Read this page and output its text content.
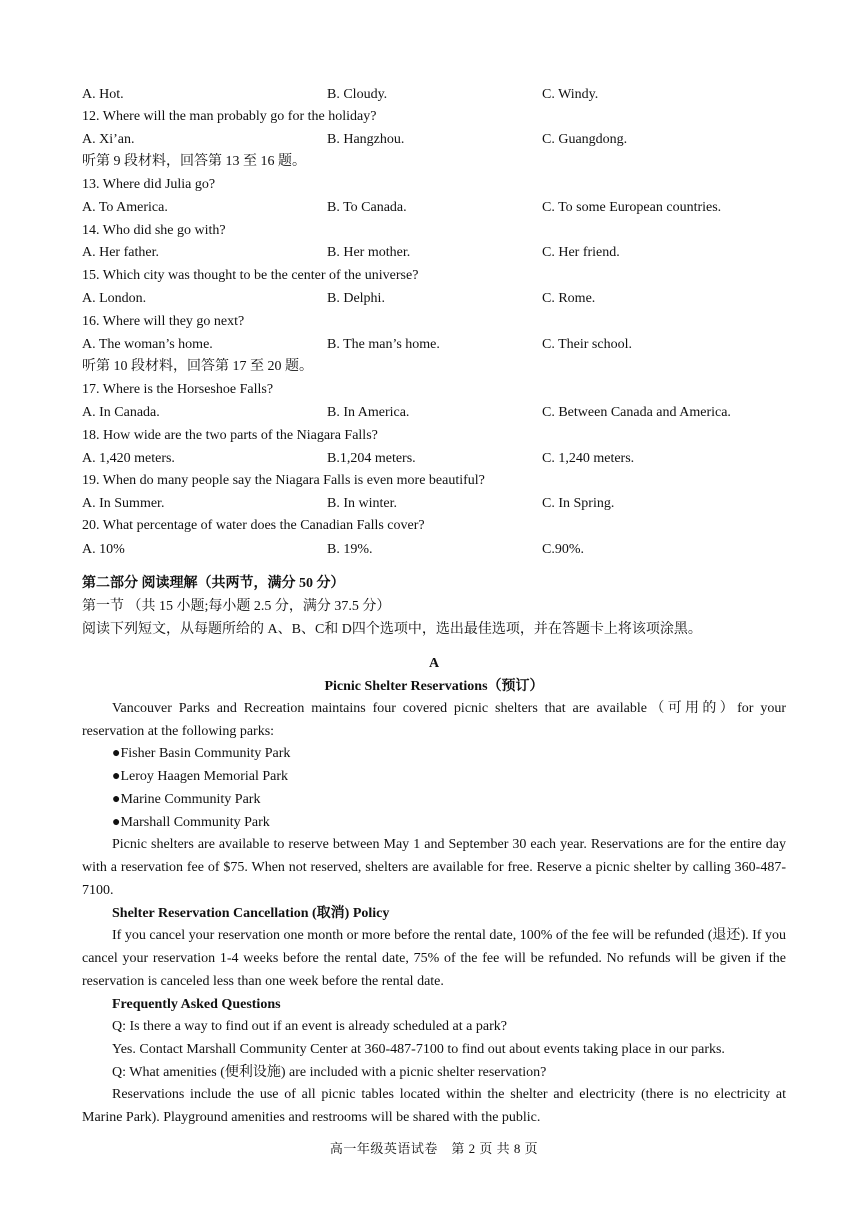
A. Hot.	B. Cloudy.	C. Windy.
12. Where will the man probably go for the holiday?
A. Xi’an.	B. Hangzhou.	C. Guangdong.
听第 9 段材料，回答第 13 至 16 题。
13. Where did Julia go?
A. To America.	B. To Canada.	C. To some European countries.
14. Who did she go with?
A. Her father.	B. Her mother.	C. Her friend.
15. Which city was thought to be the center of the universe?
A. London.	B. Delphi.	C. Rome.
16. Where will they go next?
A. The woman’s home.	B. The man’s home.	C. Their school.
听第 10 段材料，回答第 17 至 20 题。
17. Where is the Horseshoe Falls?
A. In Canada.	B. In America.	C. Between Canada and America.
18. How wide are the two parts of the Niagara Falls?
A. 1,420 meters.	B.1,204 meters.	C. 1,240 meters.
19. When do many people say the Niagara Falls is even more beautiful?
A. In Summer.	B. In winter.	C. In Spring.
20. What percentage of water does the Canadian Falls cover?
A. 10%	B. 19%.	C.90%.
第二部分 阅读理解（共两节，满分 50 分）
第一节 （共 15 小题;每小题 2.5 分，满分 37.5 分）
阅读下列短文，从每题所给的 A、B、C和 D四个选项中，选出最佳选项，并在答题卡上将该项涂黑。
A
Picnic Shelter Reservations（预订）

Vancouver Parks and Recreation maintains four covered picnic shelters that are available（可用的）for your reservation at the following parks:

●Fisher Basin Community Park
●Leroy Haagen Memorial Park
●Marine Community Park
●Marshall Community Park

Picnic shelters are available to reserve between May 1 and September 30 each year. Reservations are for the entire day with a reservation fee of $75. When not reserved, shelters are available for free. Reserve a picnic shelter by calling 360-487-7100.

Shelter Reservation Cancellation (取消) Policy

If you cancel your reservation one month or more before the rental date, 100% of the fee will be refunded (退还). If you cancel your reservation 1-4 weeks before the rental date, 75% of the fee will be refunded. No refunds will be given if the reservation is canceled less than one week before the rental date.

Frequently Asked Questions
Q: Is there a way to find out if an event is already scheduled at a park?
Yes. Contact Marshall Community Center at 360-487-7100 to find out about events taking place in our parks.
Q: What amenities (便利设施) are included with a picnic shelter reservation?

Reservations include the use of all picnic tables located within the shelter and electricity (there is no electricity at Marine Park). Playground amenities and restrooms will be shared with the public.

高一年级英语试卷　第 2 页 共 8 页
